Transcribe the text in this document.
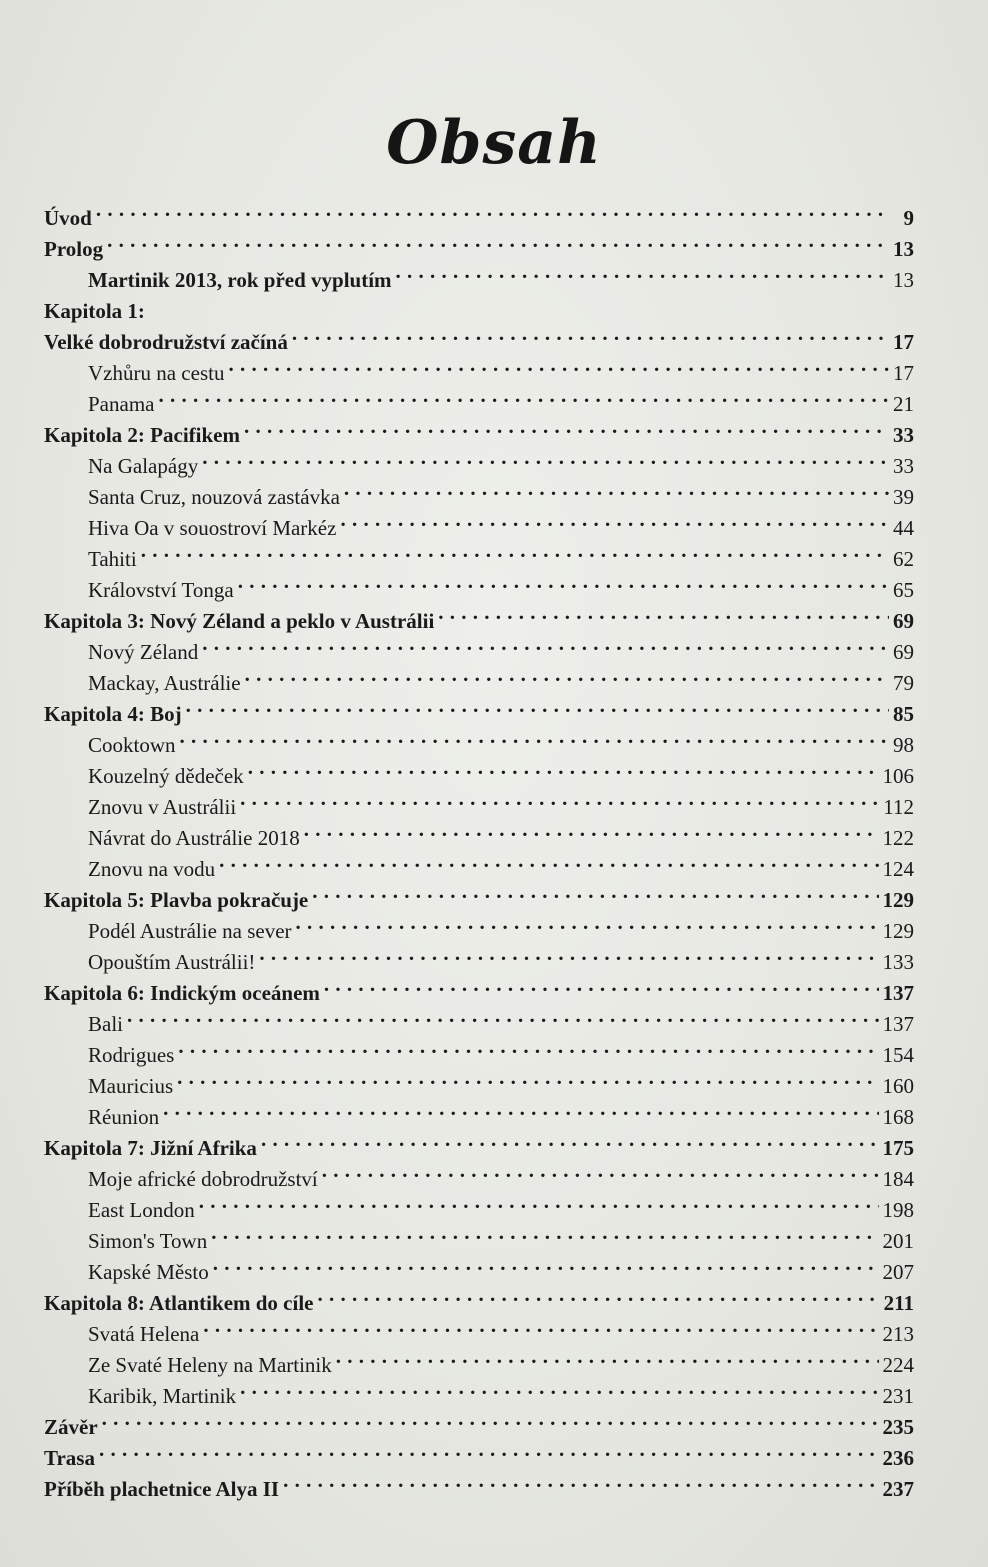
Obsah
Úvod . . .	9
Prolog . . .	13
Martinik 2013, rok před vyplutím . . .	13
Kapitola 1:
Velké dobrodružství začíná . . .	17
Vzhůru na cestu . . .	17
Panama . . .	21
Kapitola 2: Pacifikem . . .	33
Na Galapágy . . .	33
Santa Cruz, nouzová zastávka . . .	39
Hiva Oa v souostroví Markéz . . .	44
Tahiti . . .	62
Království Tonga . . .	65
Kapitola 3: Nový Zéland a peklo v Austrálii . . .	69
Nový Zéland . . .	69
Mackay, Austrálie . . .	79
Kapitola 4: Boj . . .	85
Cooktown . . .	98
Kouzelný dědeček . . .	106
Znovu v Austrálii . . .	112
Návrat do Austrálie 2018 . . .	122
Znovu na vodu . . .	124
Kapitola 5: Plavba pokračuje . . .	129
Podél Austrálie na sever . . .	129
Opouštím Austrálii! . . .	133
Kapitola 6: Indickým oceánem . . .	137
Bali . . .	137
Rodrigues . . .	154
Mauricius . . .	160
Réunion . . .	168
Kapitola 7: Jižní Afrika . . .	175
Moje africké dobrodružství . . .	184
East London . . .	198
Simon's Town . . .	201
Kapské Město . . .	207
Kapitola 8: Atlantikem do cíle . . .	211
Svatá Helena . . .	213
Ze Svaté Heleny na Martinik . . .	224
Karibik, Martinik . . .	231
Závěr . . .	235
Trasa . . .	236
Příběh plachetnice Alya II . . .	237
